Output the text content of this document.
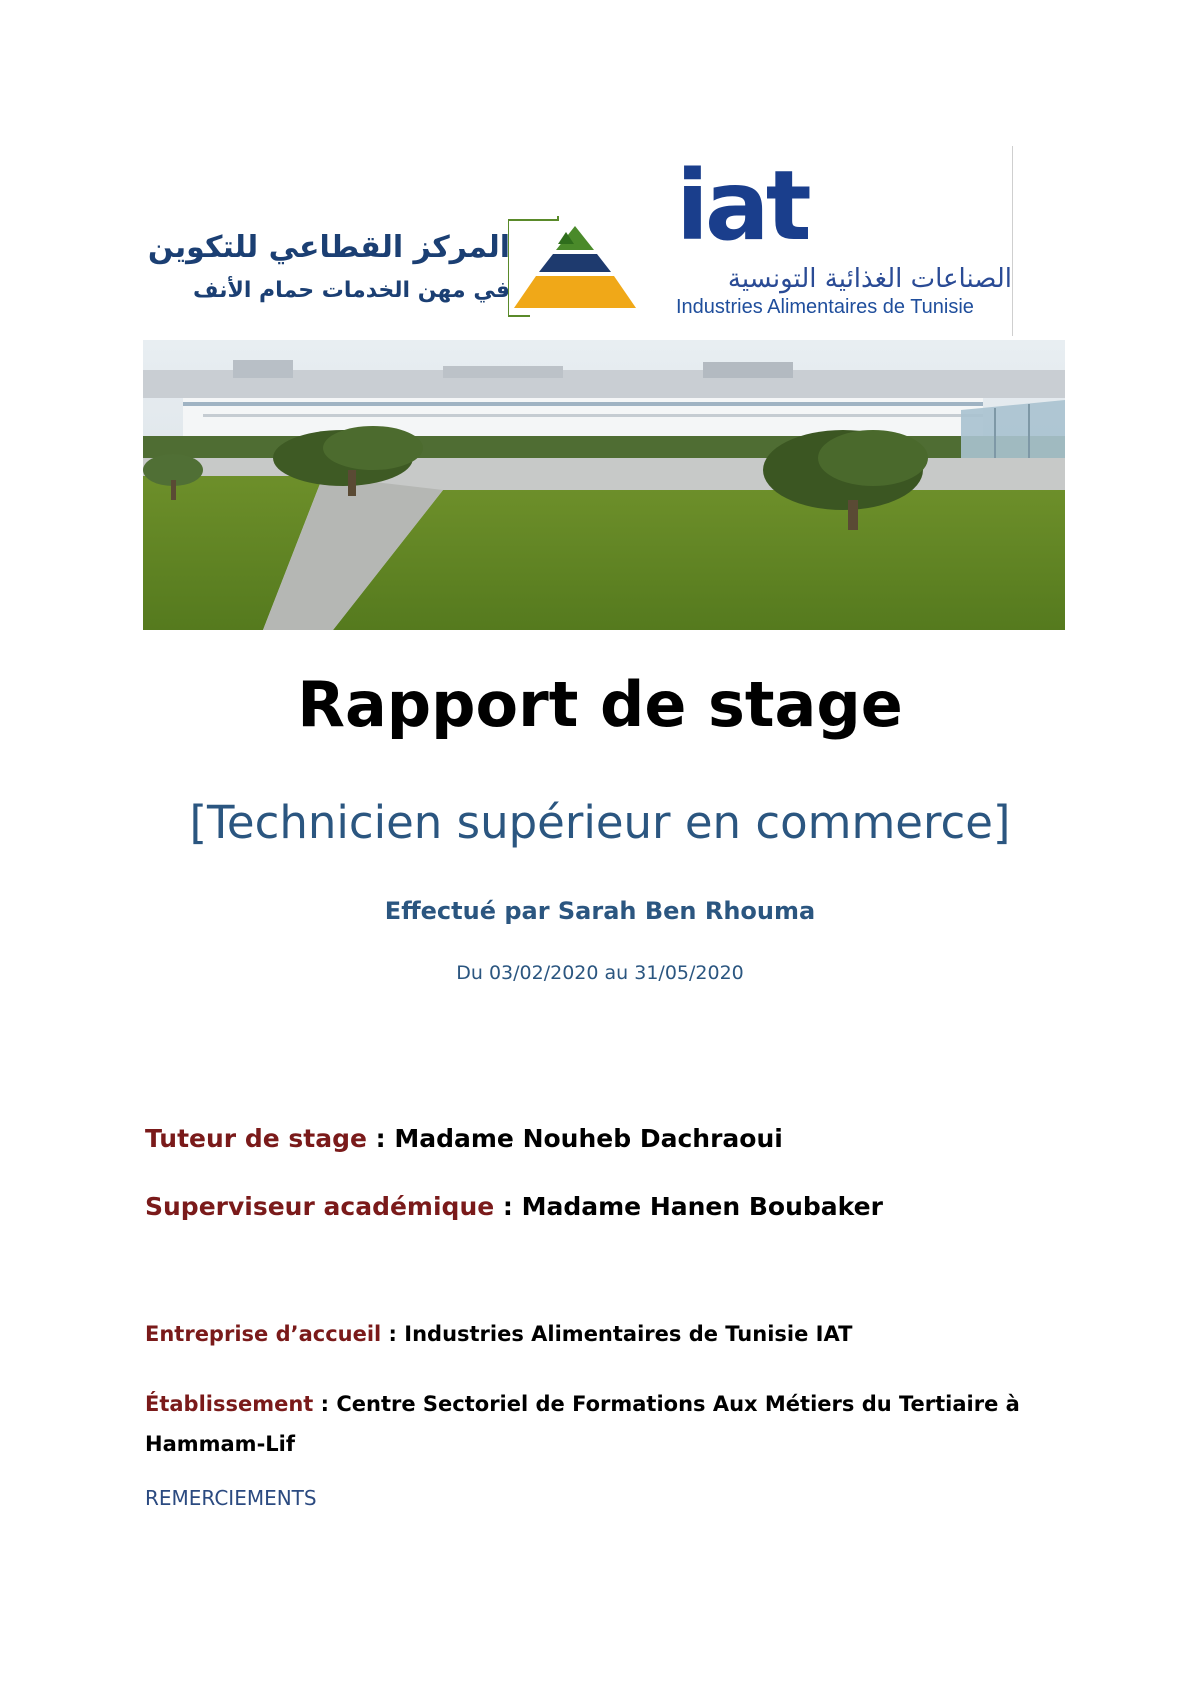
المركز القطاعي للتكوين
في مهن الخدمات حمام الأنف
iat
الصناعات الغذائية التونسية
Industries Alimentaires de Tunisie
Rapport de stage
[Technicien supérieur en commerce]
Effectué par Sarah Ben Rhouma
Du 03/02/2020 au 31/05/2020

Tuteur de stage : Madame Nouheb Dachraoui

Superviseur académique : Madame Hanen Boubaker

Entreprise d’accueil : Industries Alimentaires de Tunisie IAT

Établissement : Centre Sectoriel de Formations Aux Métiers du Tertiaire à
Hammam-Lif

REMERCIEMENTS
